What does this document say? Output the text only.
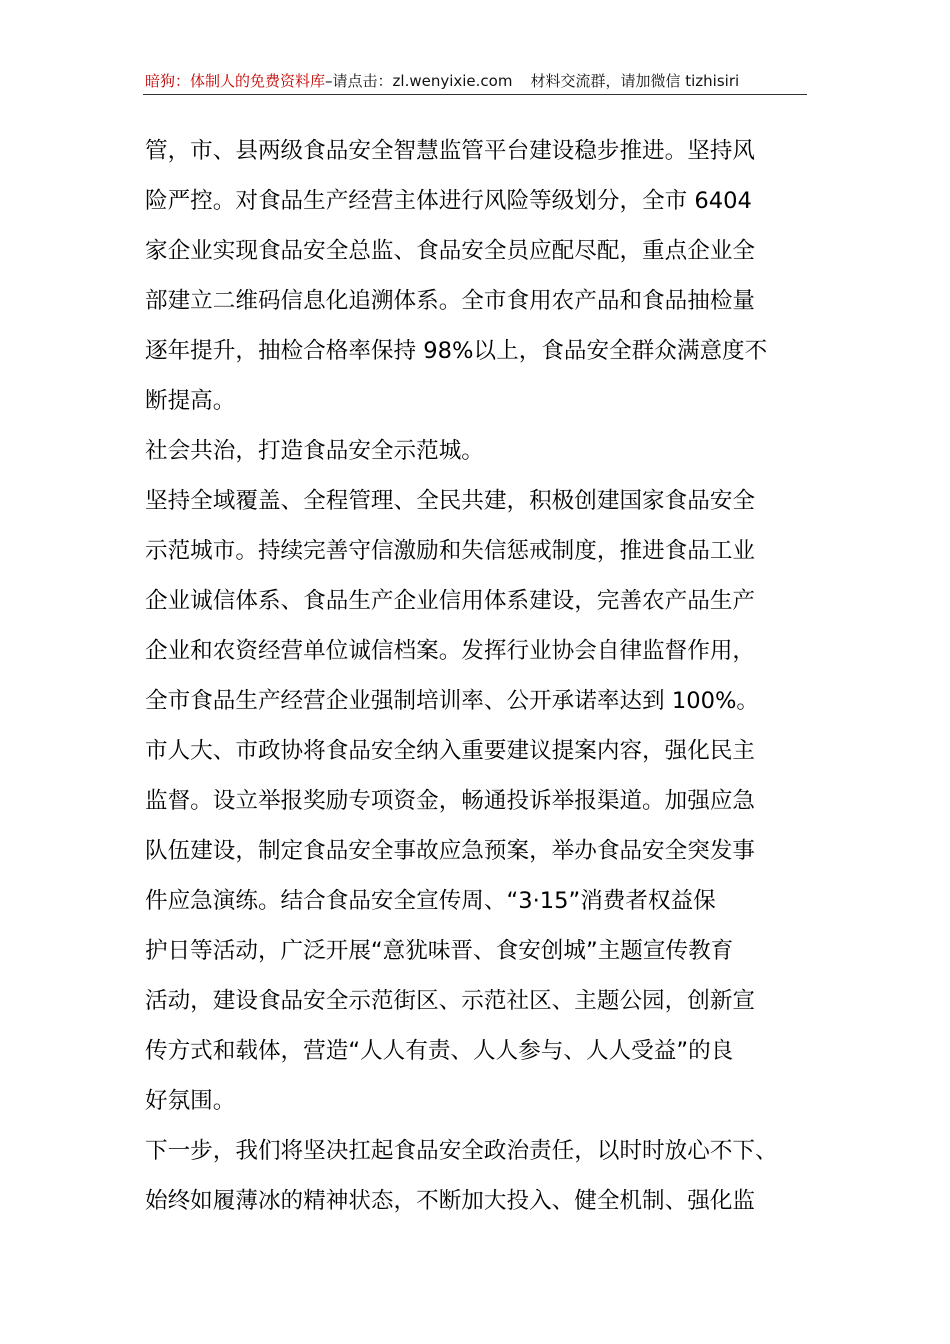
暗狗：体制人的免费资料库–请点击：zl.wenyixie.com 材料交流群，请加微信 tizhisiri
管，市、县两级食品安全智慧监管平台建设稳步推进。坚持风
险严控。对食品生产经营主体进行风险等级划分，全市 6404
家企业实现食品安全总监、食品安全员应配尽配，重点企业全
部建立二维码信息化追溯体系。全市食用农产品和食品抽检量
逐年提升，抽检合格率保持 98%以上，食品安全群众满意度不
断提高。
社会共治，打造食品安全示范城。
坚持全域覆盖、全程管理、全民共建，积极创建国家食品安全
示范城市。持续完善守信激励和失信惩戒制度，推进食品工业
企业诚信体系、食品生产企业信用体系建设，完善农产品生产
企业和农资经营单位诚信档案。发挥行业协会自律监督作用，
全市食品生产经营企业强制培训率、公开承诺率达到 100%。
市人大、市政协将食品安全纳入重要建议提案内容，强化民主
监督。设立举报奖励专项资金，畅通投诉举报渠道。加强应急
队伍建设，制定食品安全事故应急预案，举办食品安全突发事
件应急演练。结合食品安全宣传周、“3·15”消费者权益保
护日等活动，广泛开展“意犹味晋、食安创城”主题宣传教育
活动，建设食品安全示范街区、示范社区、主题公园，创新宣
传方式和载体，营造“人人有责、人人参与、人人受益”的良
好氛围。
下一步，我们将坚决扛起食品安全政治责任，以时时放心不下、
始终如履薄冰的精神状态，不断加大投入、健全机制、强化监
